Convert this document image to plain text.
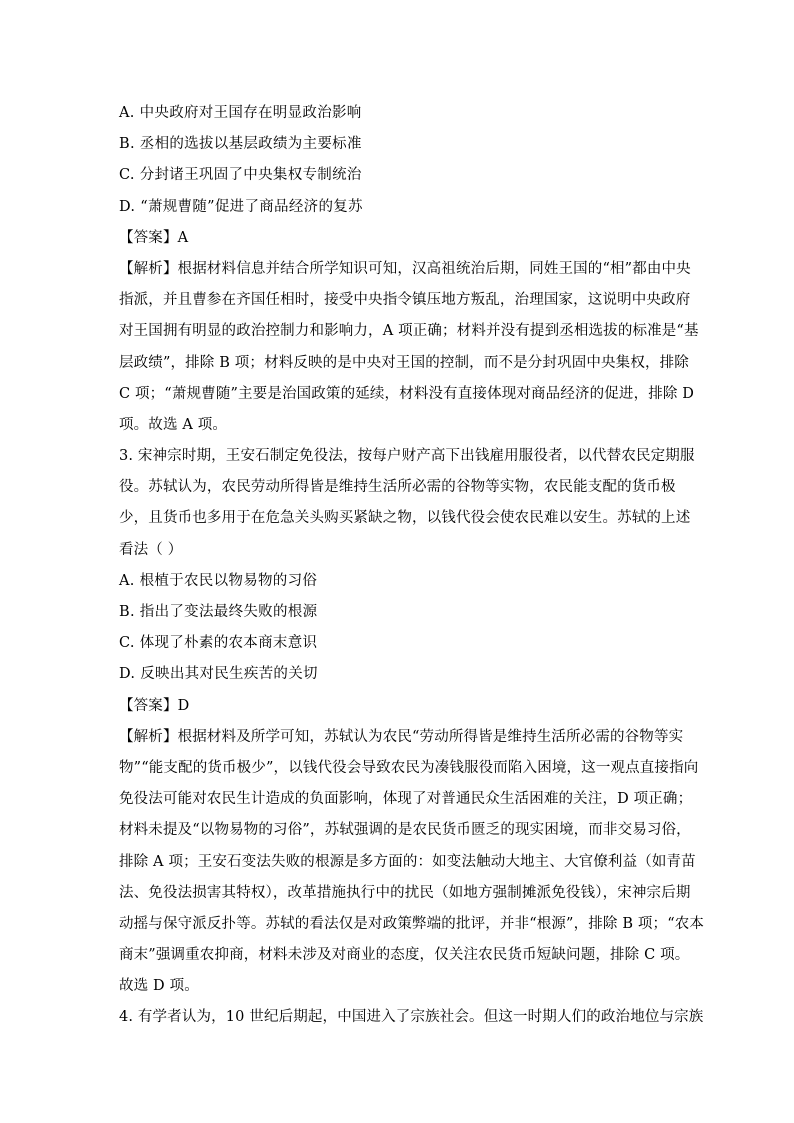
A. 中央政府对王国存在明显政治影响
B. 丞相的选拔以基层政绩为主要标准
C. 分封诸王巩固了中央集权专制统治
D. “萧规曹随”促进了商品经济的复苏
【答案】A
【解析】根据材料信息并结合所学知识可知，汉高祖统治后期，同姓王国的“相”都由中央
指派，并且曹参在齐国任相时，接受中央指令镇压地方叛乱，治理国家，这说明中央政府
对王国拥有明显的政治控制力和影响力，A 项正确；材料并没有提到丞相选拔的标准是“基
层政绩”，排除 B 项；材料反映的是中央对王国的控制，而不是分封巩固中央集权，排除
C 项；“萧规曹随”主要是治国政策的延续，材料没有直接体现对商品经济的促进，排除 D
项。故选 A 项。
3. 宋神宗时期，王安石制定免役法，按每户财产高下出钱雇用服役者，以代替农民定期服
役。苏轼认为，农民劳动所得皆是维持生活所必需的谷物等实物，农民能支配的货币极
少，且货币也多用于在危急关头购买紧缺之物，以钱代役会使农民难以安生。苏轼的上述
看法（ ）
A. 根植于农民以物易物的习俗
B. 指出了变法最终失败的根源
C. 体现了朴素的农本商末意识
D. 反映出其对民生疾苦的关切
【答案】D
【解析】根据材料及所学可知，苏轼认为农民“劳动所得皆是维持生活所必需的谷物等实
物”“能支配的货币极少”，以钱代役会导致农民为凑钱服役而陷入困境，这一观点直接指向
免役法可能对农民生计造成的负面影响，体现了对普通民众生活困难的关注，D 项正确；
材料未提及“以物易物的习俗”，苏轼强调的是农民货币匮乏的现实困境，而非交易习俗，
排除 A 项；王安石变法失败的根源是多方面的：如变法触动大地主、大官僚利益（如青苗
法、免役法损害其特权），改革措施执行中的扰民（如地方强制摊派免役钱），宋神宗后期
动摇与保守派反扑等。苏轼的看法仅是对政策弊端的批评，并非“根源”，排除 B 项；“农本
商末”强调重农抑商，材料未涉及对商业的态度，仅关注农民货币短缺问题，排除 C 项。
故选 D 项。
4. 有学者认为，10 世纪后期起，中国进入了宗族社会。但这一时期人们的政治地位与宗族
